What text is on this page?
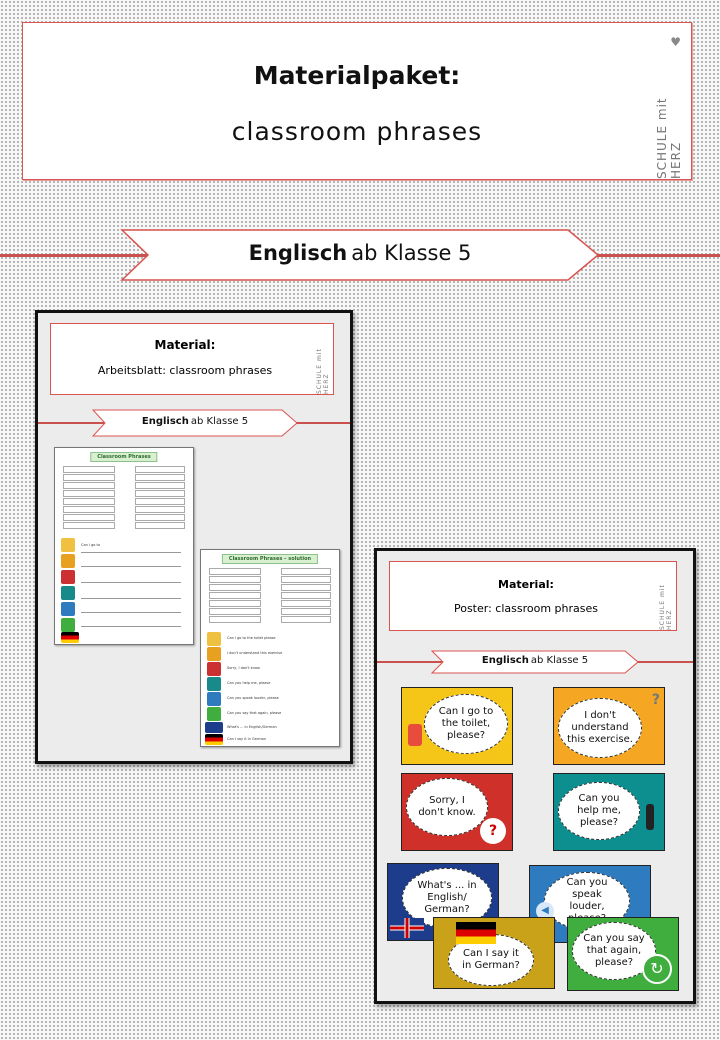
Materialpaket:
classroom phrases
♥
SCHULE mit HERZ
Englisch ab Klasse 5
Material:
Arbeitsblatt: classroom phrases	SCHULE mit HERZ
Englisch ab Klasse 5
Classroom Phrases
Can I go to
Classroom Phrases – solution
Can I go to the toilet please
I don't understand this exercise
Sorry, I don't know
Can you help me, please
Can you speak louder, please
Can you say that again, please
What's ... in English/German
Can I say it in German
Material:
Poster: classroom phrases	SCHULE mit HERZ
Englisch ab Klasse 5
Can I go to the toilet, please?
I don't understand this exercise.
?
Sorry, I don't know.
?
Can you help me, please?
What's ... in English/ German?
Can you speak louder,
◀
Can I say it in German?
Can you say that again, please?	↻
